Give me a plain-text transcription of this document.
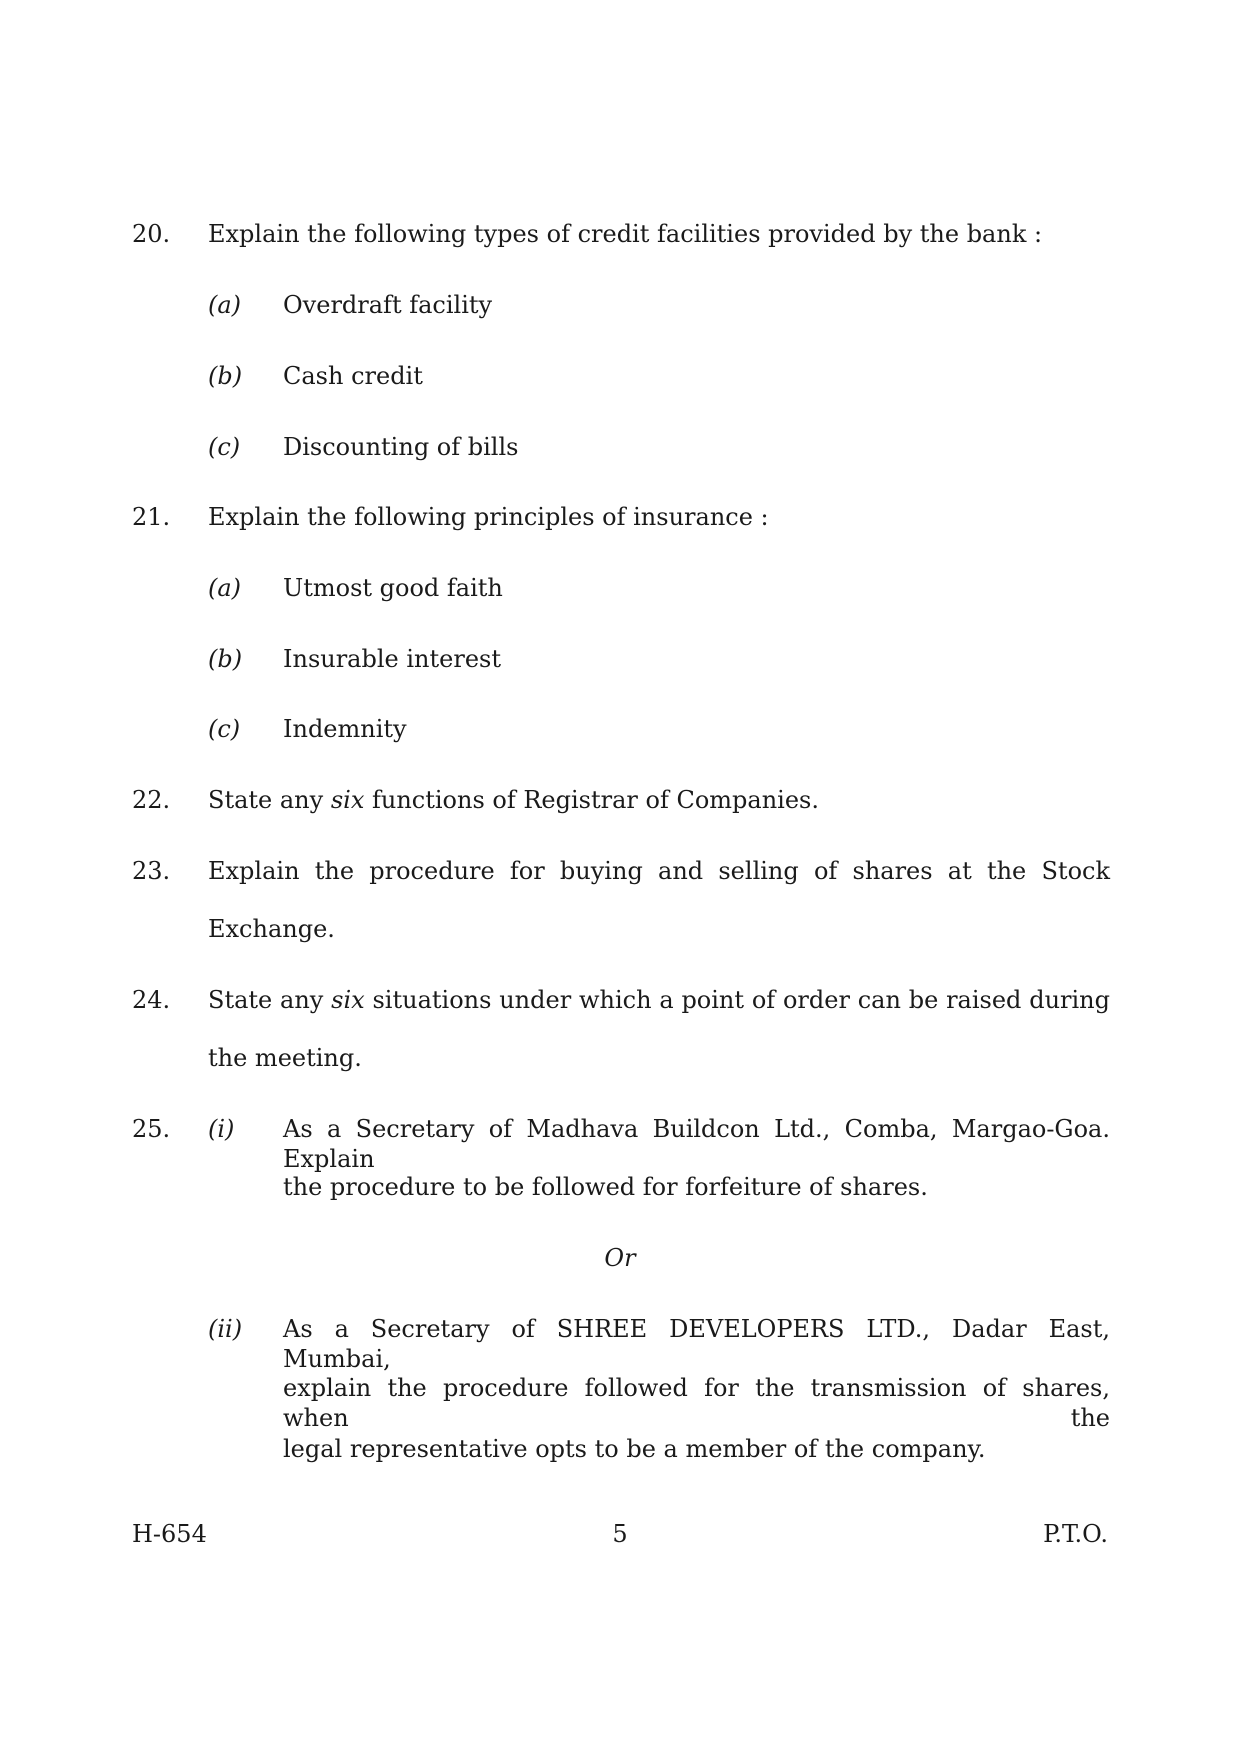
20. Explain the following types of credit facilities provided by the bank :
(a) Overdraft facility
(b) Cash credit
(c) Discounting of bills
21. Explain the following principles of insurance :
(a) Utmost good faith
(b) Insurable interest
(c) Indemnity
22. State any six functions of Registrar of Companies.
23. Explain the procedure for buying and selling of shares at the Stock
Exchange.
24. State any six situations under which a point of order can be raised during
the meeting.
25. (i) As a Secretary of Madhava Buildcon Ltd., Comba, Margao-Goa. Explain
the procedure to be followed for forfeiture of shares.
Or
(ii) As a Secretary of SHREE DEVELOPERS LTD., Dadar East, Mumbai,
explain the procedure followed for the transmission of shares, when the
legal representative opts to be a member of the company.
H-654	5	P.T.O.
